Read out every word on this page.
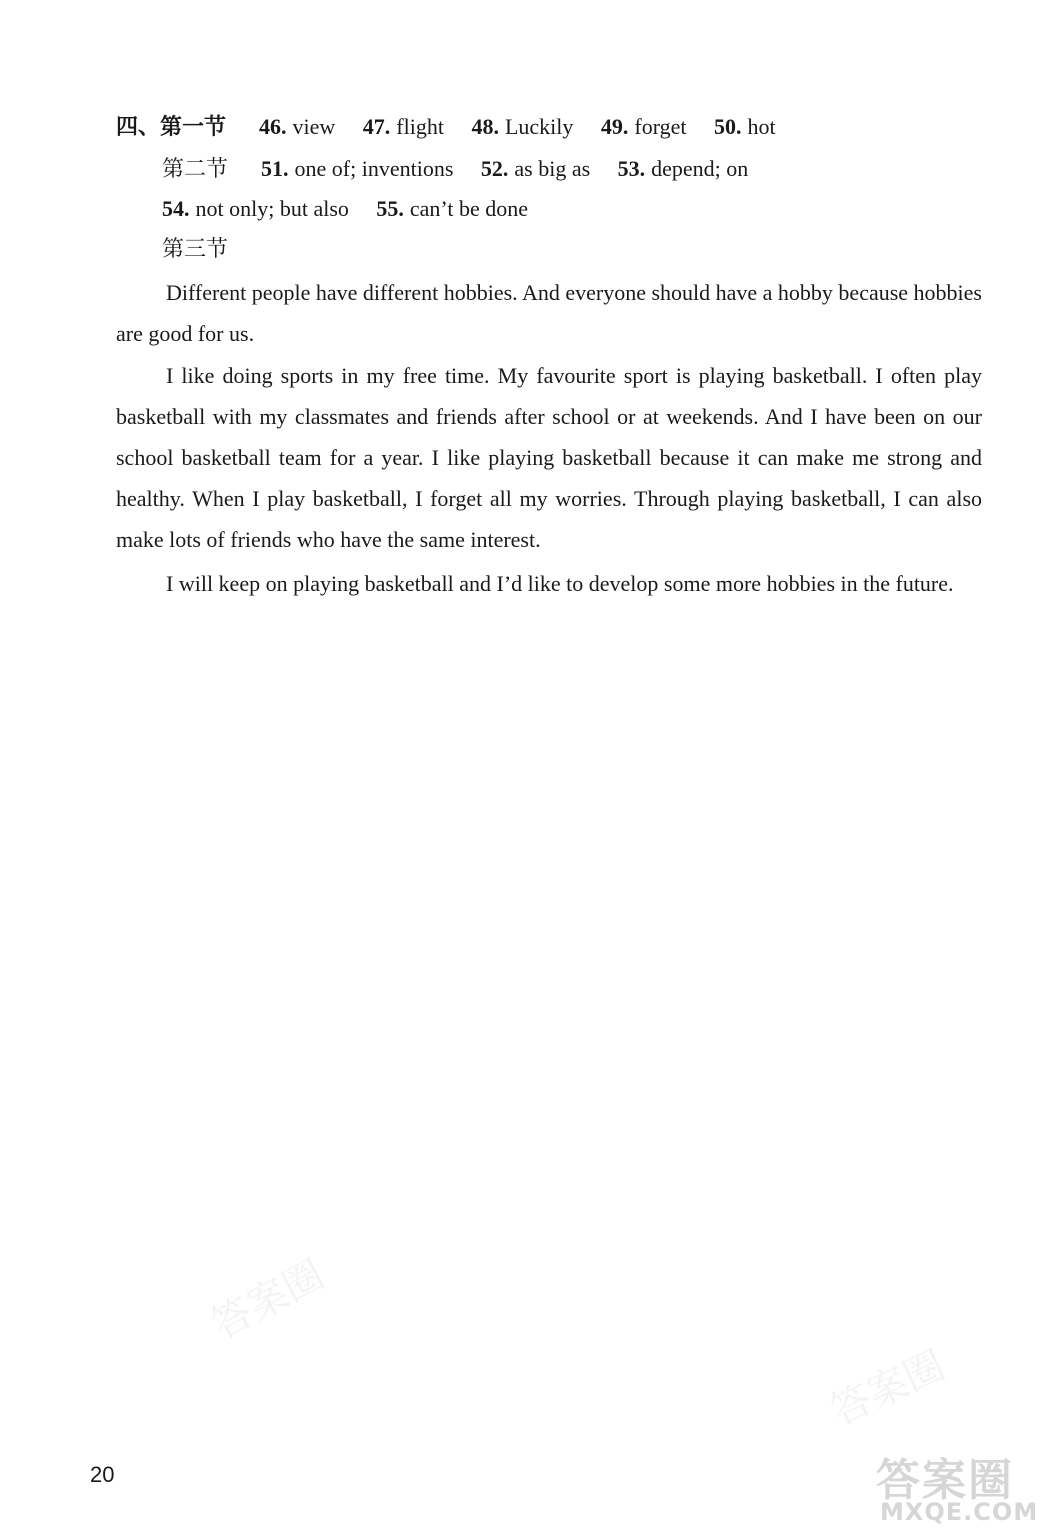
四、第一节 46. view 47. flight 48. Luckily 49. forget 50. hot
第二节 51. one of; inventions 52. as big as 53. depend; on
54. not only; but also 55. can’t be done
第三节
Different people have different hobbies. And everyone should have a hobby because hobbies are good for us.
I like doing sports in my free time. My favourite sport is playing basketball. I often play basketball with my classmates and friends after school or at weekends. And I have been on our school basketball team for a year. I like playing basketball because it can make me strong and healthy. When I play basketball, I forget all my worries. Through playing basketball, I can also make lots of friends who have the same interest.
I will keep on playing basketball and I’d like to develop some more hobbies in the future.
答案圈
答案圈
20	答案圈
MXQE.COM
